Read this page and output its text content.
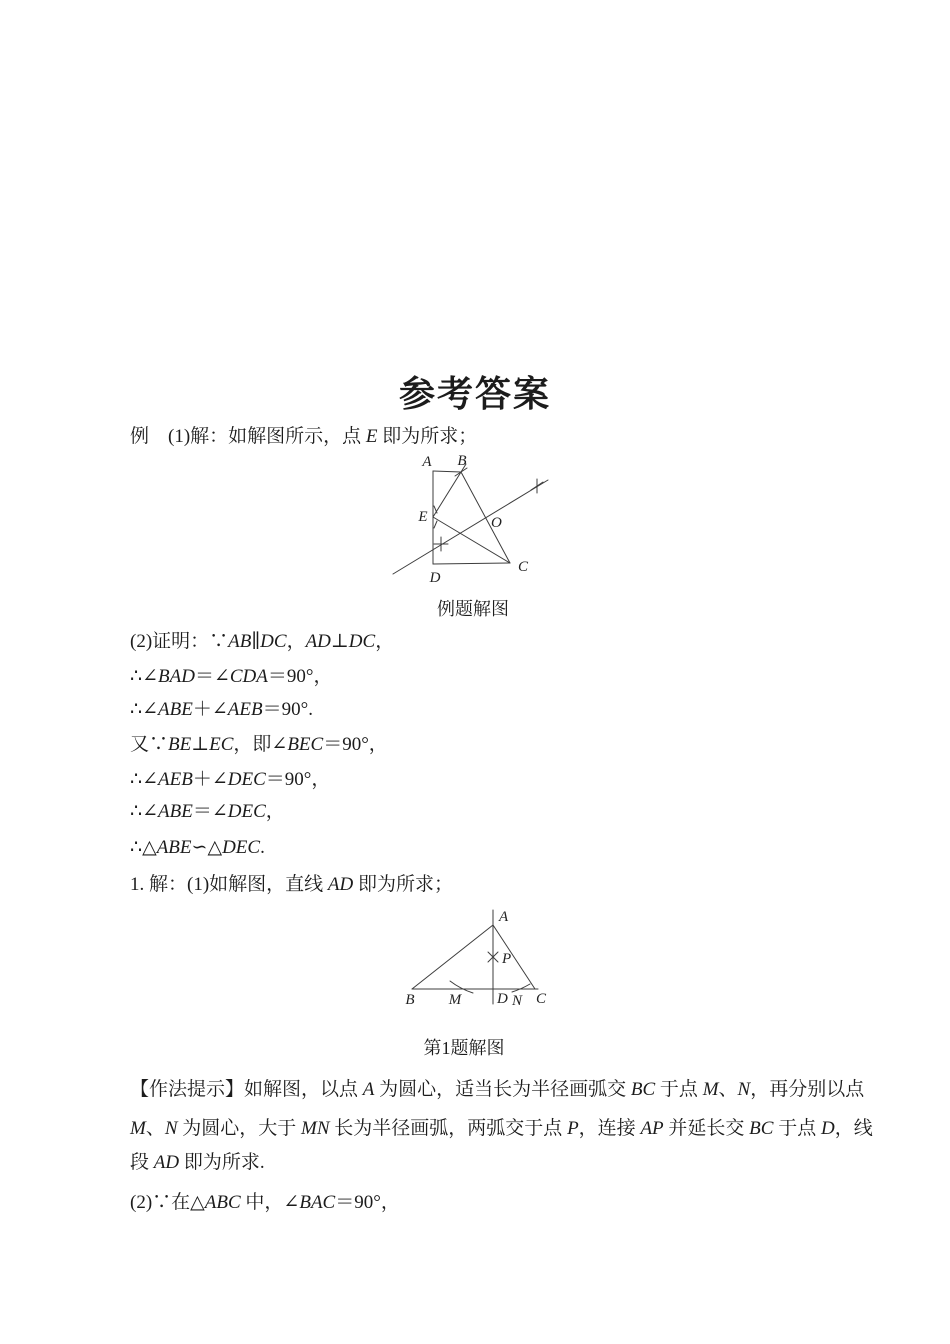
参考答案
例　(1)解：如解图所示，点 E 即为所求；
A B
E	O
D
C
例题解图
(2)证明：∵AB∥DC，AD⊥DC，
∴∠BAD＝∠CDA＝90°，
∴∠ABE＋∠AEB＝90°.
又∵BE⊥EC，即∠BEC＝90°，
∴∠AEB＋∠DEC＝90°，
∴∠ABE＝∠DEC，
∴△ABE∽△DEC.
1. 解：(1)如解图，直线 AD 即为所求；
A
B	C
D
P
M	N
第1题解图
【作法提示】如解图，以点 A 为圆心，适当长为半径画弧交 BC 于点 M、N，再分别以点
M、N 为圆心，大于 MN 长为半径画弧，两弧交于点 P，连接 AP 并延长交 BC 于点 D，线
段 AD 即为所求.
(2)∵在△ABC 中，∠BAC＝90°，
